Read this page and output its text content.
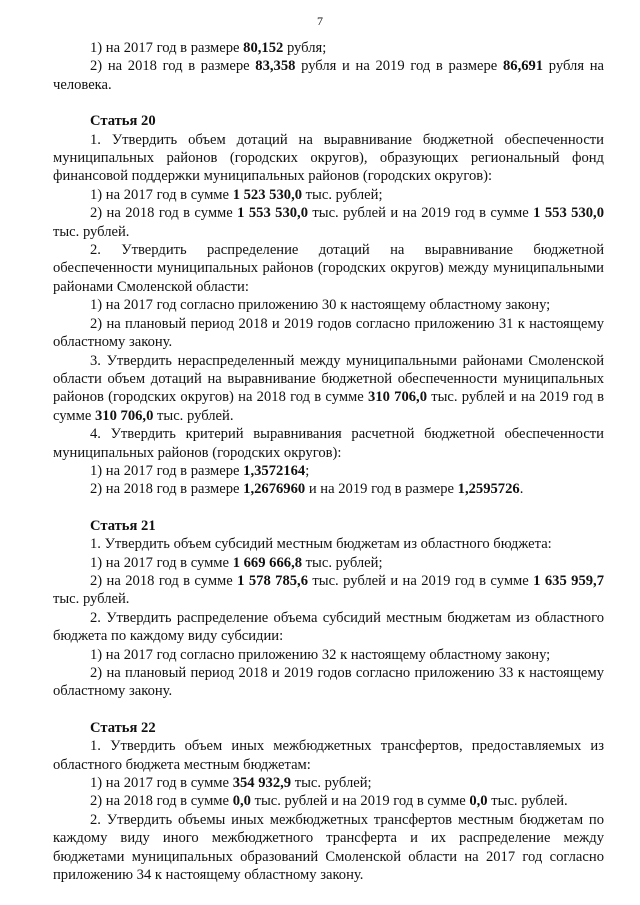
7

1) на 2017 год в размере 80,152 рубля;

2) на 2018 год в размере 83,358 рубля и на 2019 год в размере 86,691 рубля на человека.

Статья 20

1. Утвердить объем дотаций на выравнивание бюджетной обеспеченности муниципальных районов (городских округов), образующих региональный фонд финансовой поддержки муниципальных районов (городских округов):

1) на 2017 год в сумме 1 523 530,0 тыс. рублей;

2) на 2018 год в сумме 1 553 530,0 тыс. рублей и на 2019 год в сумме 1 553 530,0 тыс. рублей.

2. Утвердить распределение дотаций на выравнивание бюджетной обеспеченности муниципальных районов (городских округов) между муниципальными районами Смоленской области:

1) на 2017 год согласно приложению 30 к настоящему областному закону;

2) на плановый период 2018 и 2019 годов согласно приложению 31 к настоящему областному закону.

3. Утвердить нераспределенный между муниципальными районами Смоленской области объем дотаций на выравнивание бюджетной обеспеченности муниципальных районов (городских округов) на 2018 год в сумме 310 706,0 тыс. рублей и на 2019 год в сумме 310 706,0 тыс. рублей.

4. Утвердить критерий выравнивания расчетной бюджетной обеспеченности муниципальных районов (городских округов):

1) на 2017 год в размере 1,3572164;

2) на 2018 год в размере 1,2676960 и на 2019 год в размере 1,2595726.

Статья 21

1. Утвердить объем субсидий местным бюджетам из областного бюджета:

1) на 2017 год в сумме 1 669 666,8 тыс. рублей;

2) на 2018 год в сумме 1 578 785,6 тыс. рублей и на 2019 год в сумме 1 635 959,7 тыс. рублей.

2. Утвердить распределение объема субсидий местным бюджетам из областного бюджета по каждому виду субсидии:

1) на 2017 год согласно приложению 32 к настоящему областному закону;

2) на плановый период 2018 и 2019 годов согласно приложению 33 к настоящему областному закону.

Статья 22

1. Утвердить объем иных межбюджетных трансфертов, предоставляемых из областного бюджета местным бюджетам:

1) на 2017 год в сумме 354 932,9 тыс. рублей;

2) на 2018 год в сумме 0,0 тыс. рублей и на 2019 год в сумме 0,0 тыс. рублей.

2. Утвердить объемы иных межбюджетных трансфертов местным бюджетам по каждому виду иного межбюджетного трансферта и их распределение между бюджетами муниципальных образований Смоленской области на 2017 год согласно приложению 34 к настоящему областному закону.
